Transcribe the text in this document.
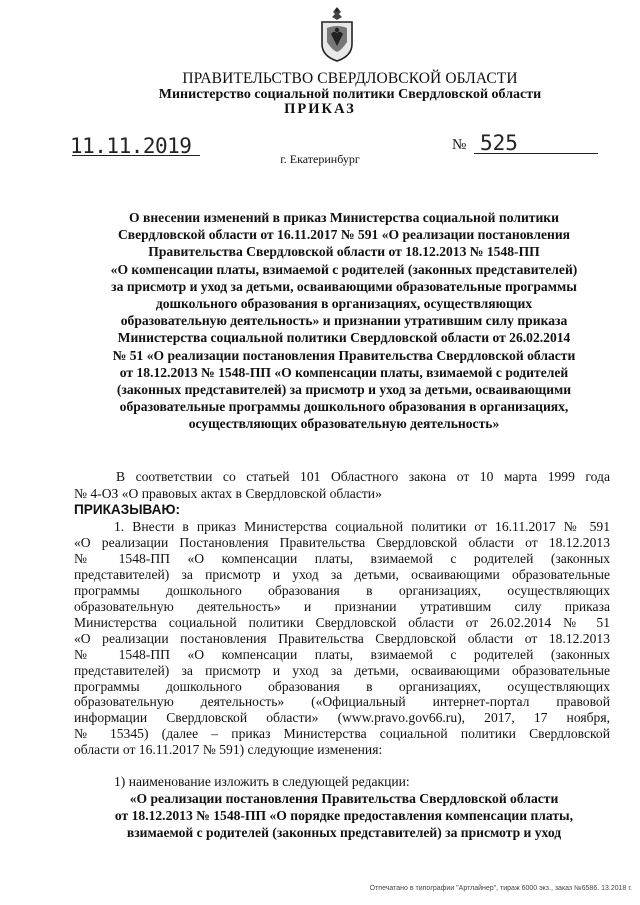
ПРАВИТЕЛЬСТВО СВЕРДЛОВСКОЙ ОБЛАСТИ
Министерство социальной политики Свердловской области
ПРИКАЗ
11.11.2019	№ 525
г. Екатеринбург
О внесении изменений в приказ Министерства социальной политики
Свердловской области от 16.11.2017 № 591 «О реализации постановления
Правительства Свердловской области от 18.12.2013 № 1548-ПП
«О компенсации платы, взимаемой с родителей (законных представителей)
за присмотр и уход за детьми, осваивающими образовательные программы
дошкольного образования в организациях, осуществляющих
образовательную деятельность» и признании утратившим силу приказа
Министерства социальной политики Свердловской области от 26.02.2014
№ 51 «О реализации постановления Правительства Свердловской области
от 18.12.2013 № 1548-ПП «О компенсации платы, взимаемой с родителей
(законных представителей) за присмотр и уход за детьми, осваивающими
образовательные программы дошкольного образования в организациях,
осуществляющих образовательную деятельность»
В соответствии со статьей 101 Областного закона от 10 марта 1999 года
№ 4-ОЗ «О правовых актах в Свердловской области»
ПРИКАЗЫВАЮ:
1. Внести в приказ Министерства социальной политики от 16.11.2017 № 591
«О реализации Постановления Правительства Свердловской области от 18.12.2013
№ 1548-ПП «О компенсации платы, взимаемой с родителей (законных
представителей) за присмотр и уход за детьми, осваивающими образовательные
программы дошкольного образования в организациях, осуществляющих
образовательную деятельность» и признании утратившим силу приказа
Министерства социальной политики Свердловской области от 26.02.2014 № 51
«О реализации постановления Правительства Свердловской области от 18.12.2013
№ 1548-ПП «О компенсации платы, взимаемой с родителей (законных
представителей) за присмотр и уход за детьми, осваивающими образовательные
программы дошкольного образования в организациях, осуществляющих
образовательную деятельность» («Официальный интернет-портал правовой
информации Свердловской области» (www.pravo.gov66.ru), 2017, 17 ноября,
№ 15345) (далее – приказ Министерства социальной политики Свердловской
области от 16.11.2017 № 591) следующие изменения:
1) наименование изложить в следующей редакции:
«О реализации постановления Правительства Свердловской области
от 18.12.2013 № 1548-ПП «О порядке предоставления компенсации платы,
взимаемой с родителей (законных представителей) за присмотр и уход
Отпечатано в типографии "Артлайнер", тираж 6000 экз., заказ №6586. 13.2018 г.
